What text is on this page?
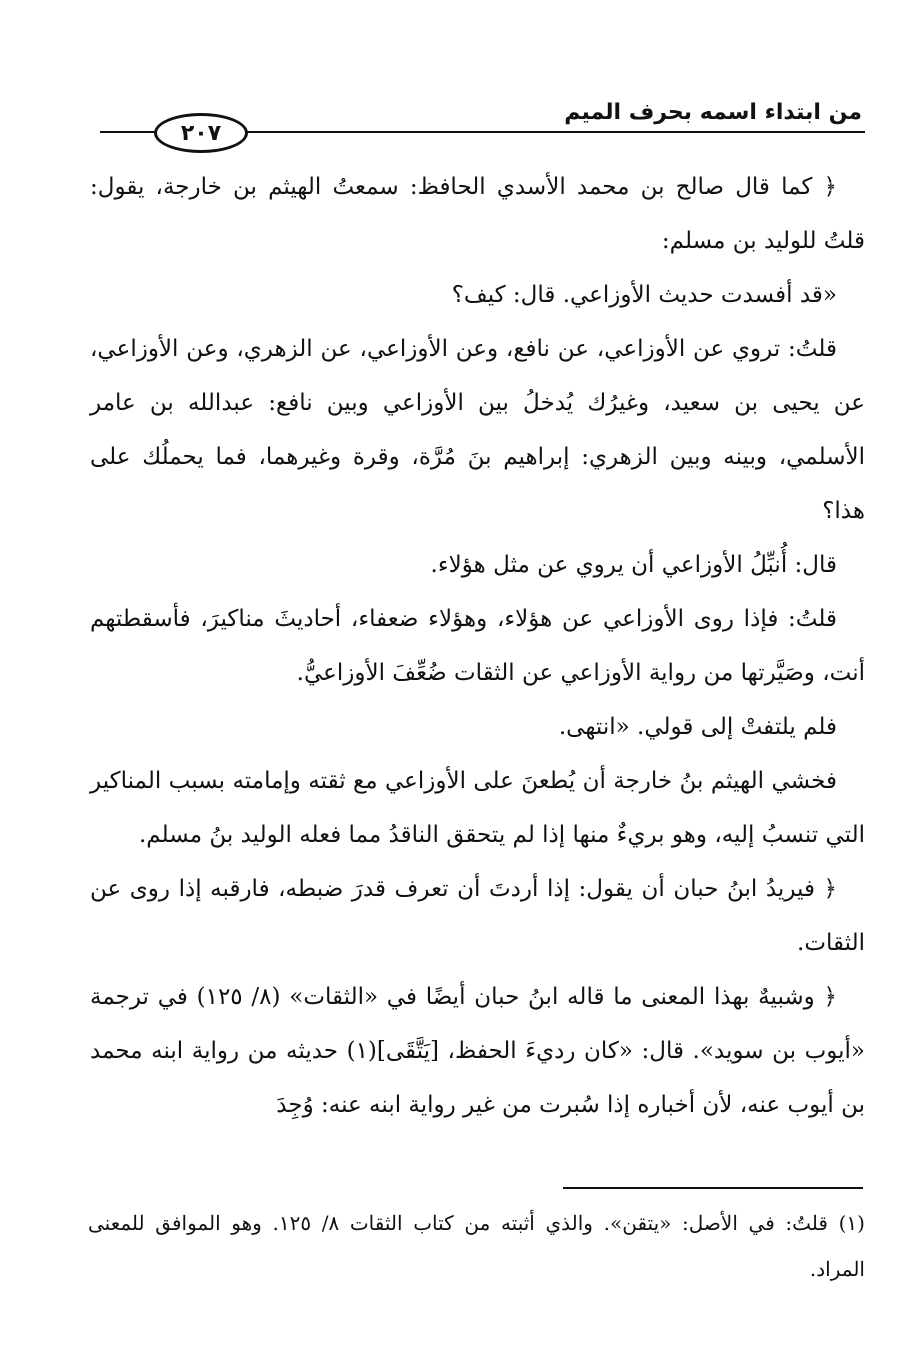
من ابتداء اسمه بحرف الميم
٢٠٧

﴿ كما قال صالح بن محمد الأسدي الحافظ: سمعتُ الهيثم بن خارجة، يقول: قلتُ للوليد بن مسلم:

«قد أفسدت حديث الأوزاعي. قال: كيف؟

قلتُ: تروي عن الأوزاعي، عن نافع، وعن الأوزاعي، عن الزهري، وعن الأوزاعي، عن يحيى بن سعيد، وغيرُك يُدخلُ بين الأوزاعي وبين نافع: عبدالله بن عامر الأسلمي، وبينه وبين الزهري: إبراهيم بنَ مُرَّة، وقرة وغيرهما، فما يحملُك على هذا؟

قال: أُنبِّلُ الأوزاعي أن يروي عن مثل هؤلاء.

قلتُ: فإذا روى الأوزاعي عن هؤلاء، وهؤلاء ضعفاء، أحاديثَ مناكيرَ، فأسقطتهم أنت، وصَيَّرتها من رواية الأوزاعي عن الثقات ضُعِّفَ الأوزاعيُّ.

فلم يلتفتْ إلى قولي. «انتهى.

فخشي الهيثم بنُ خارجة أن يُطعنَ على الأوزاعي مع ثقته وإمامته بسبب المناكير التي تنسبُ إليه، وهو بريءٌ منها إذا لم يتحقق الناقدُ مما فعله الوليد بنُ مسلم.

﴿ فيريدُ ابنُ حبان أن يقول: إذا أردتَ أن تعرف قدرَ ضبطه، فارقبه إذا روى عن الثقات.

﴿ وشبيهٌ بهذا المعنى ما قاله ابنُ حبان أيضًا في «الثقات» (٨/ ١٢٥) في ترجمة «أيوب بن سويد». قال: «كان رديءَ الحفظ، [يَتَّقَى](١) حديثه من رواية ابنه محمد بن أيوب عنه، لأن أخباره إذا سُبرت من غير رواية ابنه عنه: وُجِدَ

(١) قلتُ: في الأصل: «يتقن». والذي أثبته من كتاب الثقات ٨/ ١٢٥. وهو الموافق للمعنى المراد.
